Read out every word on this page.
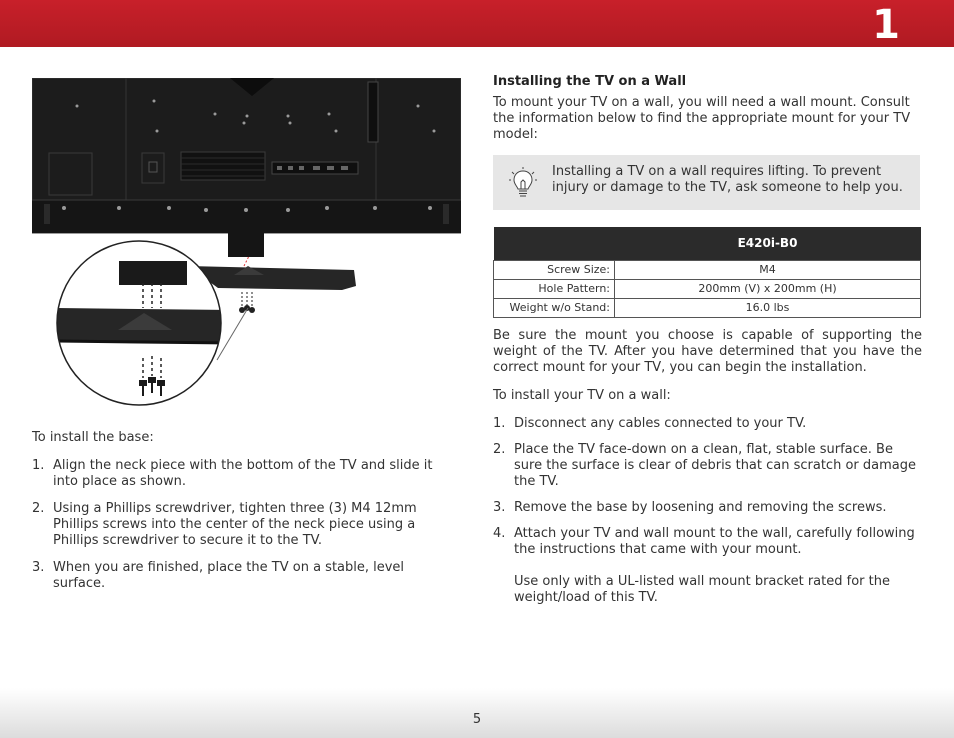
1

To install the base:

1. Align the neck piece with the bottom of the TV and slide it into place as shown.
2. Using a Phillips screwdriver, tighten three (3) M4 12mm Phillips screws into the center of the neck piece using a Phillips screwdriver to secure it to the TV.
3. When you are finished, place the TV on a stable, level surface.
Installing the TV on a Wall

To mount your TV on a wall, you will need a wall mount. Consult the information below to find the appropriate mount for your TV model:

Installing a TV on a wall requires lifting. To prevent injury or damage to the TV, ask someone to help you.

	E420i-B0
Screw Size:	M4
Hole Pattern:	200mm (V) x 200mm (H)
Weight w/o Stand:	16.0 lbs

Be sure the mount you choose is capable of supporting the weight of the TV. After you have determined that you have the correct mount for your TV, you can begin the installation.

To install your TV on a wall:

1. Disconnect any cables connected to your TV.
2. Place the TV face-down on a clean, flat, stable surface. Be sure the surface is clear of debris that can scratch or damage the TV.
3. Remove the base by loosening and removing the screws.
4. Attach your TV and wall mount to the wall, carefully following the instructions that came with your mount.
Use only with a UL-listed wall mount bracket rated for the weight/load of this TV.
5
